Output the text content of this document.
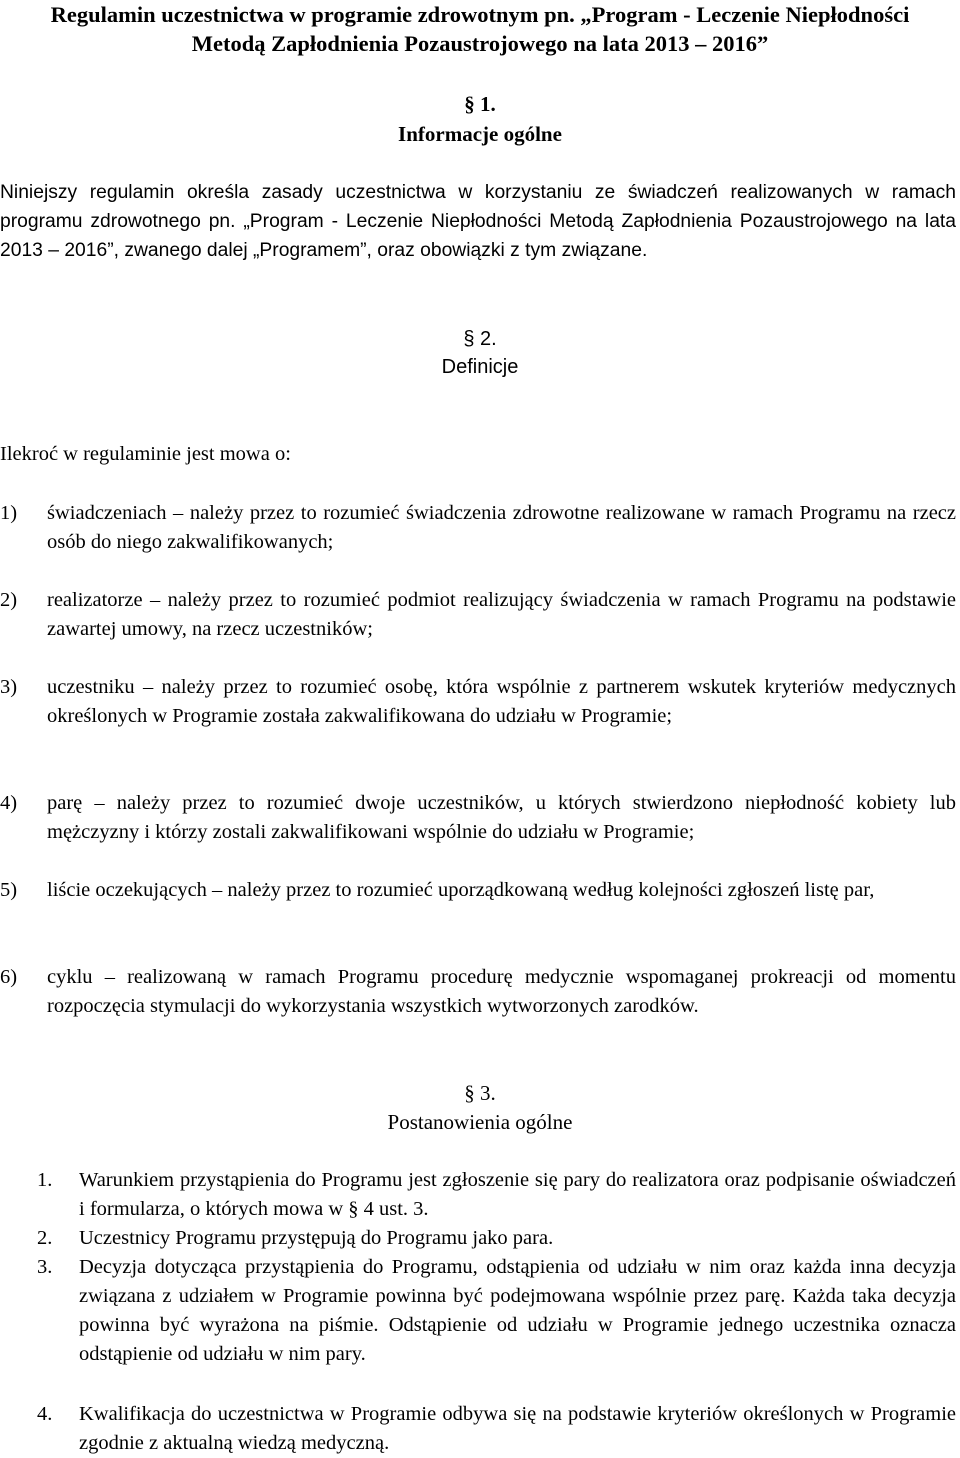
Regulamin uczestnictwa w programie zdrowotnym pn. „Program - Leczenie Niepłodności Metodą Zapłodnienia Pozaustrojowego na lata 2013 – 2016”
§ 1.
Informacje ogólne
Niniejszy regulamin określa zasady uczestnictwa w korzystaniu ze świadczeń realizowanych w ramach programu zdrowotnego pn. „Program - Leczenie Niepłodności Metodą Zapłodnienia Pozaustrojowego na lata 2013 – 2016”, zwanego dalej „Programem”, oraz obowiązki z tym związane.
§ 2.
Definicje
Ilekroć w regulaminie jest mowa o:
1) świadczeniach – należy przez to rozumieć świadczenia zdrowotne realizowane w ramach Programu na rzecz osób do niego zakwalifikowanych;
2) realizatorze – należy przez to rozumieć podmiot realizujący świadczenia w ramach Programu na podstawie zawartej umowy, na rzecz uczestników;
3) uczestniku – należy przez to rozumieć osobę, która wspólnie z partnerem wskutek kryteriów medycznych określonych w Programie została zakwalifikowana do udziału w Programie;
4) parę – należy przez to rozumieć dwoje uczestników, u których stwierdzono niepłodność kobiety lub mężczyzny i którzy zostali zakwalifikowani wspólnie do udziału w Programie;
5) liście oczekujących – należy przez to rozumieć uporządkowaną według kolejności zgłoszeń listę par,
6) cyklu – realizowaną w ramach Programu procedurę medycznie wspomaganej prokreacji od momentu rozpoczęcia stymulacji do wykorzystania wszystkich wytworzonych zarodków.
§ 3.
Postanowienia ogólne
1. Warunkiem przystąpienia do Programu jest zgłoszenie się pary do realizatora oraz podpisanie oświadczeń i formularza, o których mowa w § 4 ust. 3.
2. Uczestnicy Programu przystępują do Programu jako para.
3. Decyzja dotycząca przystąpienia do Programu, odstąpienia od udziału w nim oraz każda inna decyzja związana z udziałem w Programie powinna być podejmowana wspólnie przez parę. Każda taka decyzja powinna być wyrażona na piśmie. Odstąpienie od udziału w Programie jednego uczestnika oznacza odstąpienie od udziału w nim pary.
4. Kwalifikacja do uczestnictwa w Programie odbywa się na podstawie kryteriów określonych w Programie zgodnie z aktualną wiedzą medyczną.
